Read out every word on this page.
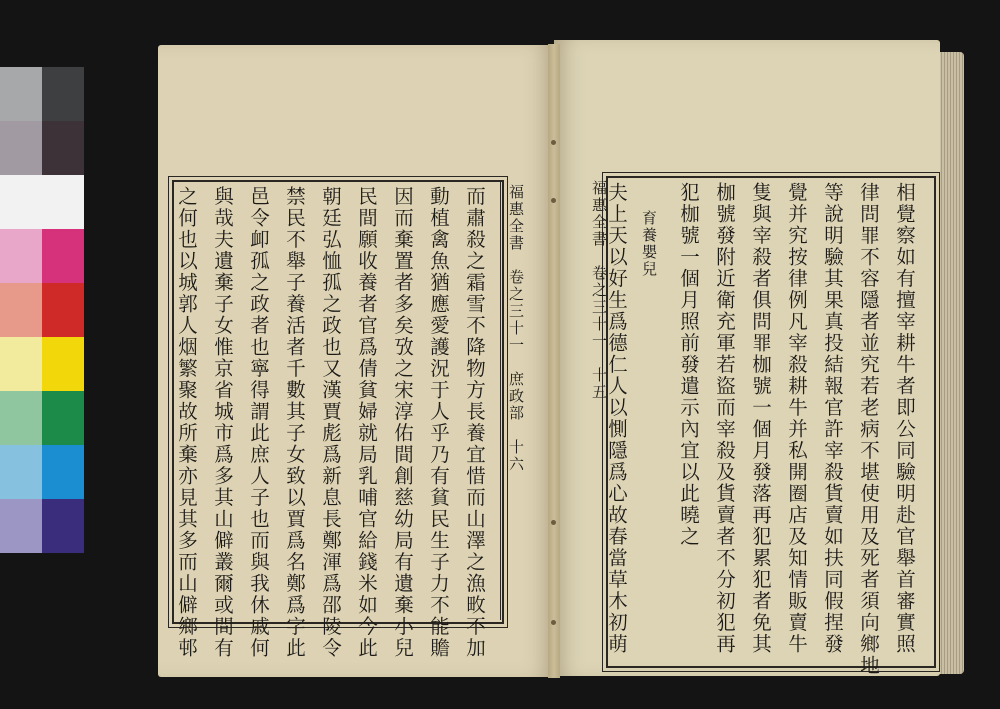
福惠全書　卷之三十一　庶政部　十六
而肅殺之霜雪不降物方長養宜惜而山澤之漁畋不加
動植禽魚猶應愛護況于人乎乃有貧民生子力不能贍
因而棄置者多矣攷之宋淳佑間創慈幼局有遺棄小兒
民間願收養者官爲倩貧婦就局乳哺官給錢米如今此
朝廷弘恤孤之政也又漢賈彪爲新息長鄭渾爲邵陵令
禁民不舉子養活者千數其子女致以賈爲名鄭爲字此
邑令卹孤之政者也寧得謂此庶人子也而與我休戚何
與哉夫遺棄子女惟京省城市爲多其山僻叢爾或間有
之何也以城郭人烟繁聚故所棄亦見其多而山僻鄉邨	福惠全書　卷之三十一　十五	相覺察如有擅宰耕牛者即公同驗明赴官舉首審實照
律問罪不容隱者並究若老病不堪使用及死者須向鄉地
等說明驗其果真投結報官許宰殺貨賣如扶同假捏發
覺并究按律例凡宰殺耕牛并私開圈店及知情販賣牛
隻與宰殺者俱問罪枷號一個月發落再犯累犯者免其
枷號發附近衛充軍若盜而宰殺及貨賣者不分初犯再
犯枷號一個月照前發遣示內宜以此曉之
育養嬰兒
夫上天以好生爲德仁人以惻隱爲心故春當草木初萌
